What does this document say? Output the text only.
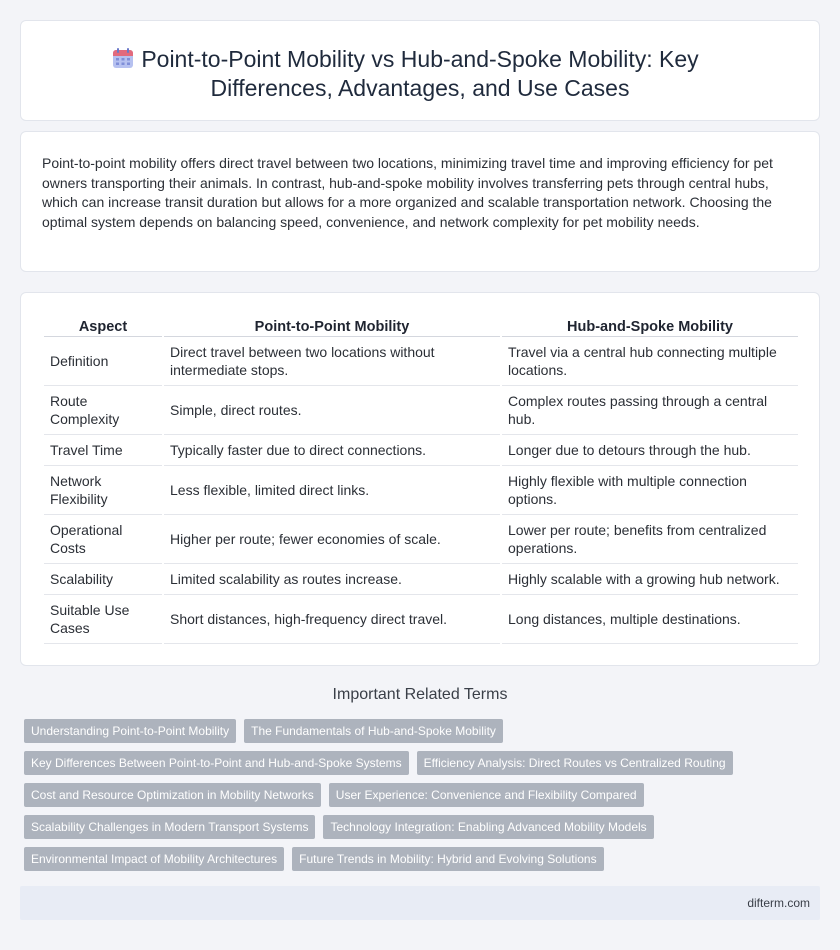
Point-to-Point Mobility vs Hub-and-Spoke Mobility: Key Differences, Advantages, and Use Cases

Point-to-point mobility offers direct travel between two locations, minimizing travel time and improving efficiency for pet owners transporting their animals. In contrast, hub-and-spoke mobility involves transferring pets through central hubs, which can increase transit duration but allows for a more organized and scalable transportation network. Choosing the optimal system depends on balancing speed, convenience, and network complexity for pet mobility needs.

Aspect	Point-to-Point Mobility	Hub-and-Spoke Mobility
Definition	Direct travel between two locations without intermediate stops.	Travel via a central hub connecting multiple locations.
Route Complexity	Simple, direct routes.	Complex routes passing through a central hub.
Travel Time	Typically faster due to direct connections.	Longer due to detours through the hub.
Network Flexibility	Less flexible, limited direct links.	Highly flexible with multiple connection options.
Operational Costs	Higher per route; fewer economies of scale.	Lower per route; benefits from centralized operations.
Scalability	Limited scalability as routes increase.	Highly scalable with a growing hub network.
Suitable Use Cases	Short distances, high-frequency direct travel.	Long distances, multiple destinations.
Important Related Terms
Understanding Point-to-Point Mobility	The Fundamentals of Hub-and-Spoke Mobility
Key Differences Between Point-to-Point and Hub-and-Spoke Systems	Efficiency Analysis: Direct Routes vs Centralized Routing
Cost and Resource Optimization in Mobility Networks	User Experience: Convenience and Flexibility Compared
Scalability Challenges in Modern Transport Systems	Technology Integration: Enabling Advanced Mobility Models
Environmental Impact of Mobility Architectures	Future Trends in Mobility: Hybrid and Evolving Solutions
difterm.com
